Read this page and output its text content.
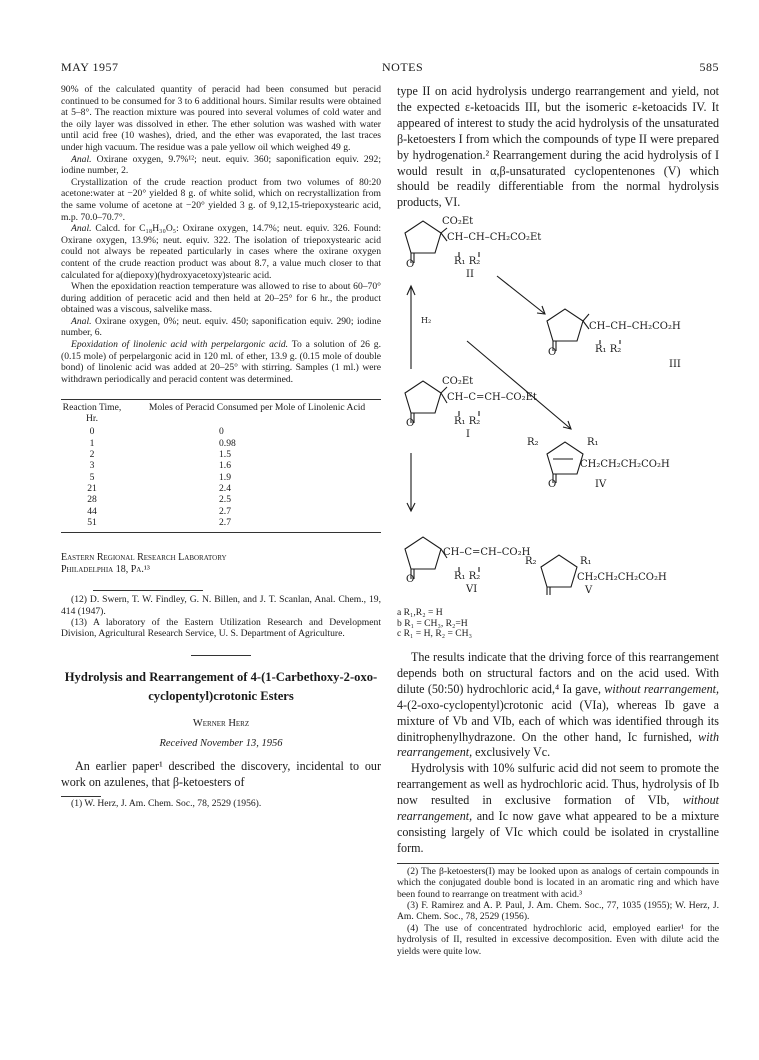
MAY 1957	NOTES	585

90% of the calculated quantity of peracid had been consumed but peracid continued to be consumed for 3 to 6 additional hours. Similar results were obtained at 5–8°. The reaction mixture was poured into several volumes of cold water and the oily layer was dissolved in ether. The ether solution was washed with water until acid free (10 washes), dried, and the ether was evaporated, the last traces under high vacuum. The residue was a pale yellow oil which weighed 49 g.

Anal. Oxirane oxygen, 9.7%¹²; neut. equiv. 360; saponification equiv. 292; iodine number, 2.

Crystallization of the crude reaction product from two volumes of 80:20 acetone:water at −20° yielded 8 g. of white solid, which on recrystallization from the same volume of acetone at −20° yielded 3 g. of 9,12,15-triepoxystearic acid, m.p. 70.0–70.7°.

Anal. Calcd. for C₁₈H₃₀O₅: Oxirane oxygen, 14.7%; neut. equiv. 326. Found: Oxirane oxygen, 13.9%; neut. equiv. 322. The isolation of triepoxystearic acid could not always be repeated particularly in cases where the oxirane oxygen content of the crude reaction product was about 8.7, a value much closer to that calculated for a(diepoxy)(hydroxyacetoxy)stearic acid.

When the epoxidation reaction temperature was allowed to rise to about 60–70° during addition of peracetic acid and then held at 20–25° for 6 hr., the product obtained was a viscous, salvelike mass.

Anal. Oxirane oxygen, 0%; neut. equiv. 450; saponification equiv. 290; iodine number, 6.

Epoxidation of linolenic acid with perpelargonic acid. To a solution of 26 g. (0.15 mole) of perpelargonic acid in 120 ml. of ether, 13.9 g. (0.15 mole of double bond) of linolenic acid was added at 20–25° with stirring. Samples (1 ml.) were withdrawn periodically and peracid content was determined.

Reaction Time, Hr.	Moles of Peracid Consumed per Mole of Linolenic Acid
0	0
1	0.98
2	1.5
3	1.6
5	1.9
21	2.4
28	2.5
44	2.7
51	2.7
Eastern Regional Research Laboratory
Philadelphia 18, Pa.¹³

(12) D. Swern, T. W. Findley, G. N. Billen, and J. T. Scanlan, Anal. Chem., 19, 414 (1947).

(13) A laboratory of the Eastern Utilization Research and Development Division, Agricultural Research Service, U. S. Department of Agriculture.

Hydrolysis and Rearrangement of 4-(1-Carbethoxy-2-oxo-cyclopentyl)crotonic Esters
Werner Herz
Received November 13, 1956

An earlier paper¹ described the discovery, incidental to our work on azulenes, that β-ketoesters of

(1) W. Herz, J. Am. Chem. Soc., 78, 2529 (1956).

type II on acid hydrolysis undergo rearrangement and yield, not the expected ε-ketoacids III, but the isomeric ε-ketoacids IV. It appeared of interest to study the acid hydrolysis of the unsaturated β-ketoesters I from which the compounds of type II were prepared by hydrogenation.² Rearrangement during the acid hydrolysis of I would result in α,β-unsaturated cyclopentenones (V) which should be readily differentiable from the normal hydrolysis products, VI.

CO₂Et
CH–CH–CH₂CO₂Et
O	R₁ R₂
II
H₂
CH–CH–CH₂CO₂H
O	R₁ R₂
III
CO₂Et
CH–C=CH–CO₂Et
O	R₁ R₂
I
R₂	R₁
CH₂CH₂CH₂CO₂H
O	IV
CH–C=CH–CO₂H
O	R₁ R₂
VI
R₂	R₁
CH₂CH₂CH₂CO₂H
V
a R₁,R₂ = H
b R₁ = CH₃, R₂=H
c R₁ = H, R₂ = CH₃

The results indicate that the driving force of this rearrangement depends both on structural factors and on the acid used. With dilute (50:50) hydrochloric acid,⁴ Ia gave, without rearrangement, 4-(2-oxo-cyclopentyl)crotonic acid (VIa), whereas Ib gave a mixture of Vb and VIb, each of which was identified through its dinitrophenylhydrazone. On the other hand, Ic furnished, with rearrangement, exclusively Vc.

Hydrolysis with 10% sulfuric acid did not seem to promote the rearrangement as well as hydrochloric acid. Thus, hydrolysis of Ib now resulted in exclusive formation of VIb, without rearrangement, and Ic now gave what appeared to be a mixture consisting largely of VIc which could be isolated in crystalline form.

(2) The β-ketoesters(I) may be looked upon as analogs of certain compounds in which the conjugated double bond is located in an aromatic ring and which have been found to rearrange on treatment with acid.³

(3) F. Ramirez and A. P. Paul, J. Am. Chem. Soc., 77, 1035 (1955); W. Herz, J. Am. Chem. Soc., 78, 2529 (1956).

(4) The use of concentrated hydrochloric acid, employed earlier¹ for the hydrolysis of II, resulted in excessive decomposition. Even with dilute acid the yields were quite low.
